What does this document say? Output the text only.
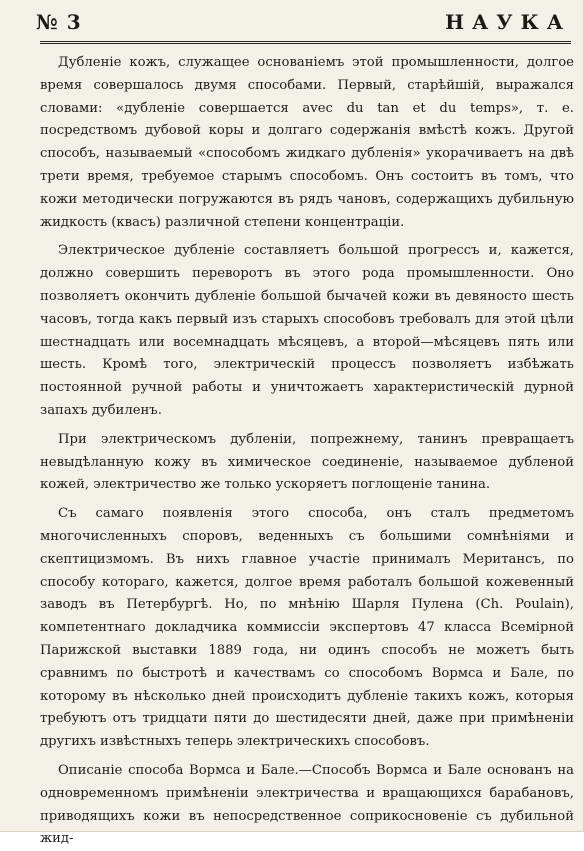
№ 3	НАУКА

Дубленіе кожъ, служащее основаніемъ этой промышленности, долгое время совершалось двумя способами. Первый, старѣйшій, выражался словами: «дубленіе совершается avec du tan et du temps», т. е. посредствомъ дубовой коры и долгаго содержанія вмѣстѣ кожъ. Другой способъ, называемый «способомъ жидкаго дубленія» укорачиваетъ на двѣ трети время, требуемое старымъ способомъ. Онъ состоитъ въ томъ, что кожи методически погружаются въ рядъ чановъ, содержащихъ дубильную жидкость (квасъ) различной степени концентраціи.

Электрическое дубленіе составляетъ большой прогрессъ и, кажется, должно совершить переворотъ въ этого рода промышленности. Оно позволяетъ окончить дубленіе большой бычачей кожи въ девяносто шесть часовъ, тогда какъ первый изъ старыхъ способовъ требовалъ для этой цѣли шестнадцать или восемнадцать мѣсяцевъ, а второй—мѣсяцевъ пять или шесть. Кромѣ того, электрическій процессъ позволяетъ избѣжать постоянной ручной работы и уничтожаетъ характеристическій дурной запахъ дубиленъ.

При электрическомъ дубленіи, попрежнему, танинъ превращаетъ невыдѣланную кожу въ химическое соединеніе, называемое дубленой кожей, электричество же только ускоряетъ поглощеніе танина.

Съ самаго появленія этого способа, онъ сталъ предметомъ многочисленныхъ споровъ, веденныхъ съ большими сомнѣніями и скептицизмомъ. Въ нихъ главное участіе принималъ Меритансъ, по способу котораго, кажется, долгое время работалъ большой кожевенный заводъ въ Петербургѣ. Но, по мнѣнію Шарля Пулена (Ch. Poulain), компетентнаго докладчика коммиссіи экспертовъ 47 класса Всемірной Парижской выставки 1889 года, ни одинъ способъ не можетъ быть сравнимъ по быстротѣ и качествамъ со способомъ Вормса и Бале, по которому въ нѣсколько дней происходитъ дубленіе такихъ кожъ, которыя требуютъ отъ тридцати пяти до шестидесяти дней, даже при примѣненіи другихъ извѣстныхъ теперь электрическихъ способовъ.

Описаніе способа Вормса и Бале.—Способъ Вормса и Бале основанъ на одновременномъ примѣненіи электричества и вращающихся барабановъ, приводящихъ кожи въ непосредственное соприкосновеніе съ дубильной жид-
